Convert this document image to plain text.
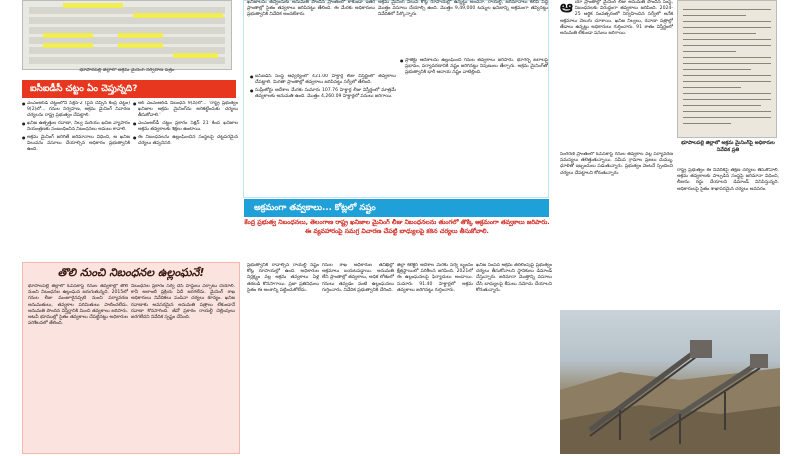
భూపాల్‌పల్లి జిల్లాలో అక్రమ మైనింగ్‌ నిర్వహణ పత్రం
ఐసీఐడీసీ చట్టం ఏం చెప్తున్నది?

● ఎంఎంఆర్‌డీ చట్టంలోని సెక్షన్‌-2 (పైన చెప్పిన కేంద్ర చట్టం) 9(2)లో... గనుల నిర్వహణ, అక్రమ మైనింగ్‌ నివారణ చర్యలను రాష్ట్ర ప్రభుత్వం చేపట్టాలి.

● ఖనిజ ఉత్పత్తుల రవాణా, నిల్వ మరియు ఖనిజ వ్యాపారం నియంత్రణకు సంబంధించిన నిబంధనలు అమలు కావాలి.

● అక్రమ మైనింగ్‌ జరిగితే జరిమానాలు విధించి, ఆ ఖనిజ విలువను వసూలు చేయాల్సిన అధికారం ప్రభుత్వానికి ఉంది.

● ఆర్‌ ఎంఎంఆర్‌డీ నిబంధన 9(వ)లో... 'రాష్ట్ర ప్రభుత్వం ఖనిజాల అక్రమ మైనింగ్‌ను అరికట్టేందుకు చర్యలు తీసుకోవాలి.'

● ఎంఎంఆర్‌డీ చట్టం ప్రకారం సెక్షన్‌ 21 కింద ఖనిజాల అక్రమ తవ్వకాలకు శిక్షలు ఉంటాయి.

● ఈ నిబంధనలను ఉల్లంఘించిన సంస్థలపై చట్టపరమైన చర్యలు తప్పనిసరి.

తొలి నుంచి నిబంధనల ఉల్లంఘనే!
భూపాలపల్లి జిల్లాలో ఓపెన్‌కాస్ట్‌ గనుల తవ్వకాల్లో తొలి నుంచి నిబంధనల ఉల్లంఘన జరుగుతున్నది. 2015లో గనుల లీజు మంజూరైనప్పటి నుంచి పర్యావరణ అనుమతులు, తవ్వకాల పరిమితులు పాటించలేదు. అనుమతి పొందిన విస్తీర్ణానికి మించి తవ్వకాలు జరిపారు. అటవీ భూముల్లో సైతం తవ్వకాలు చేపట్టినట్టు అధికారుల పరిశీలనలో తేలింది.
నిబంధనల ప్రకారం సర్వే చేసి హద్దులు ఏర్పాటు చేయాలి. కానీ అలాంటి ప్రక్రియ ఏదీ జరగలేదు. మైనింగ్‌ శాఖ అధికారులు నివేదికలు పంపినా చర్యలు శూన్యం. ఖనిజ రవాణాకు అవసరమైన అనుమతి పత్రాలు లేకుండానే రవాణా కొనసాగింది. జీవో ప్రకారం రాయల్టీ చెల్లింపులు జరగలేదని నివేదిక స్పష్టం చేసింది.
ఖనిజాలను తవ్వేందుకు అనుమతి పొందిన ప్రాంతంలో కాకుండా ఇతర ప్రాంతాల్లో సైతం తవ్వకాలు జరిపినట్టు తేలింది. ఈ మేరకు అధికారులు ప్రభుత్వానికి నివేదిక అందజేశారు.
అక్రమ మైనింగ్‌ విలువ కోట్ల రూపాయల్లో ఉన్నట్టు అంచనా. రాయల్టీ, జరిమానాలు కలిపి పెద్ద మొత్తం వసూలు చేయాల్సి ఉంది. మొత్తం 9,49,000 టన్నుల ఖనిజాన్ని అక్రమంగా తవ్వినట్టు నివేదికలో పేర్కొన్నారు.

● ఐసీఐడీసీ సంస్థ ఆధ్వర్యంలో 421.00 హెక్టార్ల లీజు విస్తీర్ణంలో తవ్వకాలు చేపట్టాలి. మిగతా ప్రాంతాల్లో తవ్వకాలు జరిపినట్టు సర్వేలో తేలింది.

● సుప్రీంకోర్టు ఆదేశాల మేరకు సుమారు 107.76 హెక్టార్ల లీజు విస్తీర్ణంలో మాత్రమే తవ్వకాలకు అనుమతి ఉంది. మొత్తం 4,260.09 హెక్టార్లలో పనులు జరిగాయి.

● ప్రాజెక్టు ఆదేశాలను ఉల్లంఘించి గనుల తవ్వకాలు జరిపారు. భూగర్భ జలాలపై ప్రభావం, పర్యావరణానికి నష్టం జరిగినట్టు నిపుణులు తేల్చారు. అక్రమ మైనింగ్‌తో ప్రభుత్వానికి భారీ ఆదాయ నష్టం వాటిల్లింది.

అక్రమంగా తవ్వకాలు... కోట్లలో నష్టం
కేంద్ర ప్రభుత్వ నిబంధనలు, తెలంగాణ రాష్ట్ర ఖనిజాల మైనింగ్‌ లీజు నిబంధనలను తుంగలో తొక్కి అక్రమంగా తవ్వకాలు జరిపారు. ఈ వ్యవహారంపై సమగ్ర విచారణ చేపట్టి బాధ్యులపై కఠిన చర్యలు తీసుకోవాలి.
ప్రభుత్వానికి రావాల్సిన రాయల్టీ నష్టం కోట్ల రూపాయల్లో ఉంది. అధికారుల నిర్లక్ష్యం వల్ల అక్రమ తవ్వకాలు ఏళ్ల తరబడి కొనసాగాయి. ప్రజా ప్రతినిధులు సైతం ఈ అంశాన్ని పట్టించుకోలేదు.
గనుల శాఖ అధికారుల తనిఖీల్లో అక్రమాలు బయటపడ్డాయి. అనుమతి లేని ప్రాంతాల్లో తవ్వకాలు, అధిక లోతులో గనులు తవ్వడం వంటి ఉల్లంఘనలు గుర్తించారు. నివేదిక ప్రభుత్వానికి చేరింది.
జిల్లా కలెక్టర్‌ ఆదేశాల మేరకు సర్వే బృందం క్షేత్రస్థాయిలో పరిశీలన జరిపింది. 2021లో ఈ ఉల్లంఘనలపై ఫిర్యాదులు అందాయి. సుమారు 91.40 హెక్టార్లలో అక్రమ తవ్వకాలు జరిగినట్టు గుర్తించారు.
ఖనిజ సంపద అక్రమ తరలింపుపై ప్రభుత్వం చర్యలు తీసుకోవాలని స్థానికులు డిమాండ్‌ చేస్తున్నారు. జరిమానా మొత్తాన్ని వసూలు చేసి బాధ్యులపై కేసులు నమోదు చేయాలని కోరుతున్నారు.
ఆ యా ప్రాంతాల్లో మైనింగ్‌ లీజు అనుమతి పొందిన సంస్థ, నిబంధనలకు విరుద్ధంగా తవ్వకాలు జరిపింది. 2024-25 ఆర్థిక సంవత్సరంలో నిర్వహించిన సర్వేలో అనేక అక్రమాలు వెలుగు చూశాయి. ఖనిజ నిల్వలు, రవాణా పత్రాల్లో తేడాలు ఉన్నట్టు అధికారులు గుర్తించారు. 91 శాతం విస్తీర్ణంలో అనుమతి లేకుండా పనులు జరిగాయి.
భూపాలపల్లి జిల్లాలో అక్రమ మైనింగ్‌పై అధికారుల నివేదిక ప్రతి
సింగరేణి ప్రాంతంలో ఓపెన్‌కాస్ట్‌ గనుల తవ్వకాల వల్ల పర్యావరణ సమస్యలు తలెత్తుతున్నాయి. సమీప గ్రామాల ప్రజలు దుమ్ము, ధూళితో ఇబ్బందులు పడుతున్నారు. ప్రభుత్వం వెంటనే స్పందించి చర్యలు చేపట్టాలని కోరుతున్నారు.
రాష్ట్ర ప్రభుత్వం ఈ నివేదికపై తక్షణ చర్యలు తీసుకోవాలి. అక్రమ తవ్వకాలకు పాల్పడిన సంస్థపై జరిమానా విధించి, లీజును రద్దు చేయాలని డిమాండ్‌ వినిపిస్తున్నది. అధికారులపై సైతం శాఖాపరమైన చర్యలు అవసరం.
